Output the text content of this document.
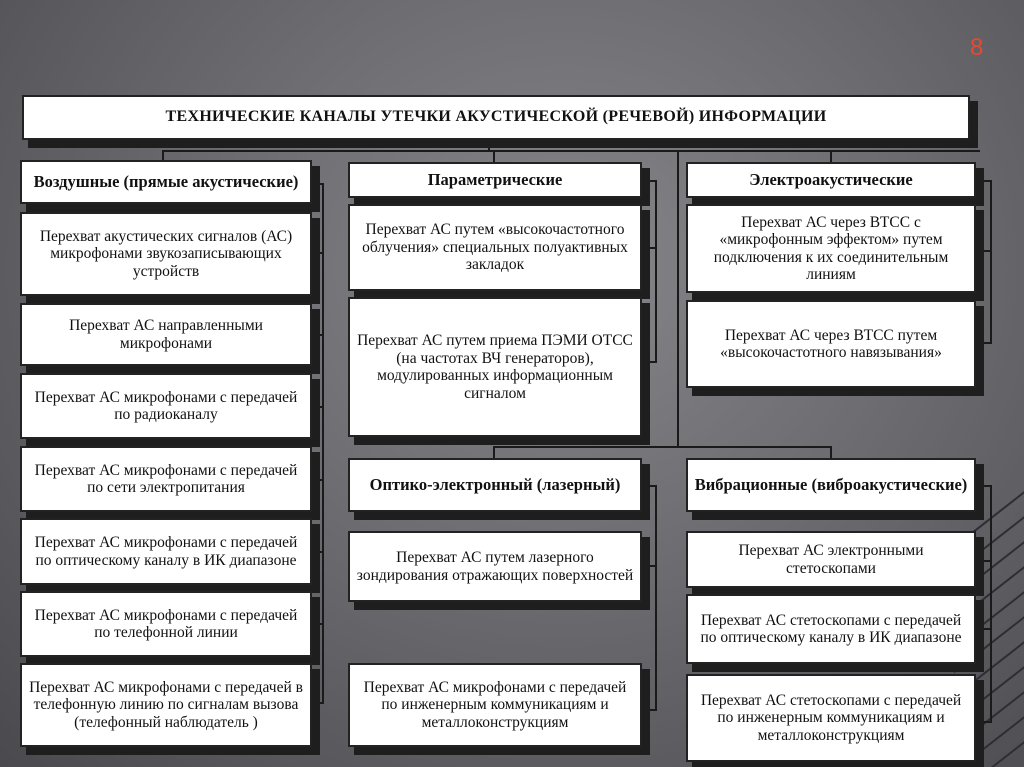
8
ТЕХНИЧЕСКИЕ КАНАЛЫ УТЕЧКИ АКУСТИЧЕСКОЙ (РЕЧЕВОЙ) ИНФОРМАЦИИ
Воздушные (прямые акустические)
Перехват акустических сигналов (АС) микрофонами звукозаписывающих устройств
Перехват АС направленными микрофонами
Перехват АС микрофонами с передачей по радиоканалу
Перехват АС микрофонами с передачей по сети электропитания
Перехват АС микрофонами с передачей по оптическому каналу в ИК диапазоне
Перехват АС микрофонами с передачей по телефонной линии
Перехват АС микрофонами с передачей в телефонную линию по сигналам вызова (телефонный наблюдатель )
Параметрические
Перехват АС путем «высокочастотного облучения» специальных полуактивных закладок
Перехват АС путем приема ПЭМИ ОТСС (на частотах ВЧ генераторов), модулированных информационным сигналом
Оптико-электронный (лазерный)
Перехват АС путем лазерного зондирования отражающих поверхностей
Перехват АС микрофонами с передачей по инженерным коммуникациям и металлоконструкциям
Электроакустические
Перехват АС через ВТСС с «микрофонным эффектом» путем подключения к их соединительным линиям
Перехват АС через ВТСС путем «высокочастотного навязывания»
Вибрационные (виброакустические)
Перехват АС электронными стетоскопами
Перехват АС стетоскопами с передачей по оптическому каналу в ИК диапазоне
Перехват АС стетоскопами с передачей по инженерным коммуникациям и металлоконструкциям
